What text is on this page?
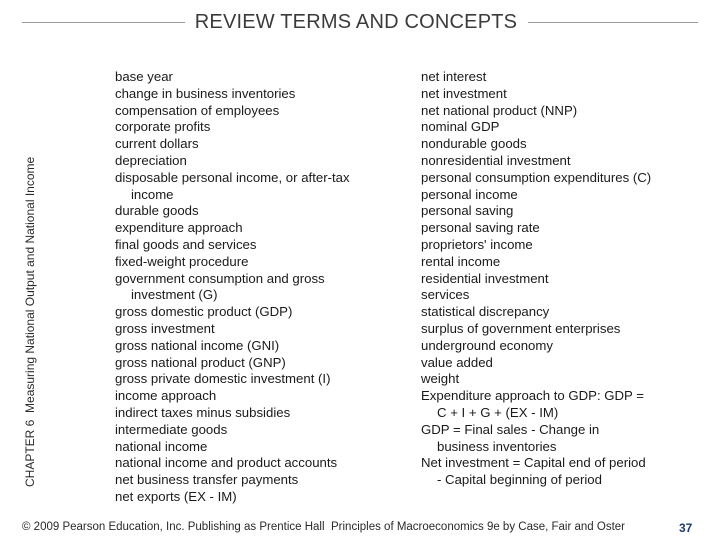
REVIEW TERMS AND CONCEPTS
CHAPTER 6  Measuring National Output and National Income
base year
change in business inventories
compensation of employees
corporate profits
current dollars
depreciation
disposable personal income, or after-tax
income
durable goods
expenditure approach
final goods and services
fixed-weight procedure
government consumption and gross
investment (G)
gross domestic product (GDP)
gross investment
gross national income (GNI)
gross national product (GNP)
gross private domestic investment (I)
income approach
indirect taxes minus subsidies
intermediate goods
national income
national income and product accounts
net business transfer payments
net exports (EX - IM)
net interest
net investment
net national product (NNP)
nominal GDP
nondurable goods
nonresidential investment
personal consumption expenditures (C)
personal income
personal saving
personal saving rate
proprietors' income
rental income
residential investment
services
statistical discrepancy
surplus of government enterprises
underground economy
value added
weight
Expenditure approach to GDP: GDP =
C + I + G + (EX - IM)
GDP = Final sales - Change in
business inventories
Net investment = Capital end of period
- Capital beginning of period
© 2009 Pearson Education, Inc. Publishing as Prentice Hall Principles of Macroeconomics 9e by Case, Fair and Oster	37
